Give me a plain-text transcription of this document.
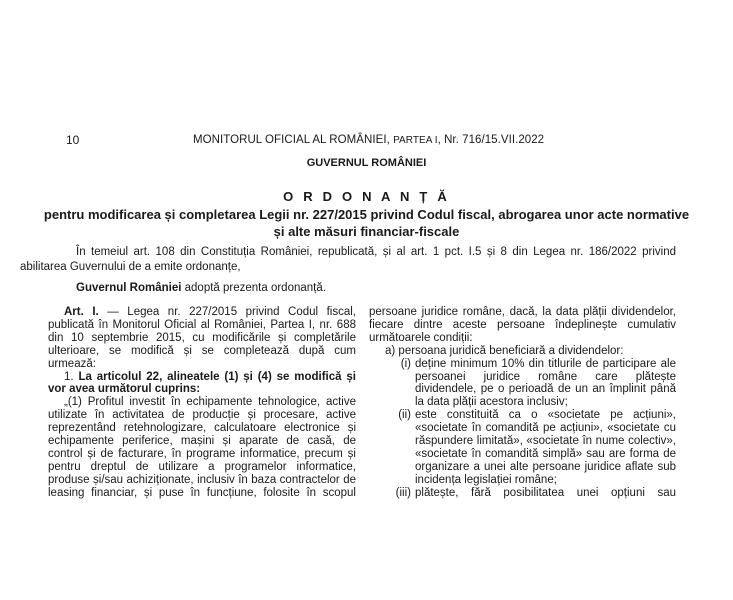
10	MONITORUL OFICIAL AL ROMÂNIEI, PARTEA I, Nr. 716/15.VII.2022
GUVERNUL ROMÂNIEI
O R D O N A N Ț Ă
pentru modificarea și completarea Legii nr. 227/2015 privind Codul fiscal, abrogarea unor acte normative și alte măsuri financiar-fiscale
În temeiul art. 108 din Constituția României, republicată, și al art. 1 pct. I.5 și 8 din Legea nr. 186/2022 privind abilitarea Guvernului de a emite ordonanțe,
Guvernul României adoptă prezenta ordonanță.

Art. I. — Legea nr. 227/2015 privind Codul fiscal, publicată în Monitorul Oficial al României, Partea I, nr. 688 din 10 septembrie 2015, cu modificările și completările ulterioare, se modifică și se completează după cum urmează:

1. La articolul 22, alineatele (1) și (4) se modifică și vor avea următorul cuprins:

„(1) Profitul investit în echipamente tehnologice, active utilizate în activitatea de producție și procesare, active reprezentând retehnologizare, calculatoare electronice și echipamente periferice, mașini și aparate de casă, de control și de facturare, în programe informatice, precum și pentru dreptul de utilizare a programelor informatice, produse și/sau achiziționate, inclusiv în baza contractelor de leasing financiar, și puse în funcțiune, folosite în scopul

persoane juridice române, dacă, la data plății dividendelor, fiecare dintre aceste persoane îndeplinește cumulativ următoarele condiții:

a) persoana juridică beneficiară a dividendelor:

(i) deține minimum 10% din titlurile de participare ale persoanei juridice române care plătește dividendele, pe o perioadă de un an împlinit până la data plății acestora inclusiv;
(ii) este constituită ca o «societate pe acțiuni», «societate în comandită pe acțiuni», «societate cu răspundere limitată», «societate în nume colectiv», «societate în comandită simplă» sau are forma de organizare a unei alte persoane juridice aflate sub incidența legislației române;
(iii) plătește, fără posibilitatea unei opțiuni sau
